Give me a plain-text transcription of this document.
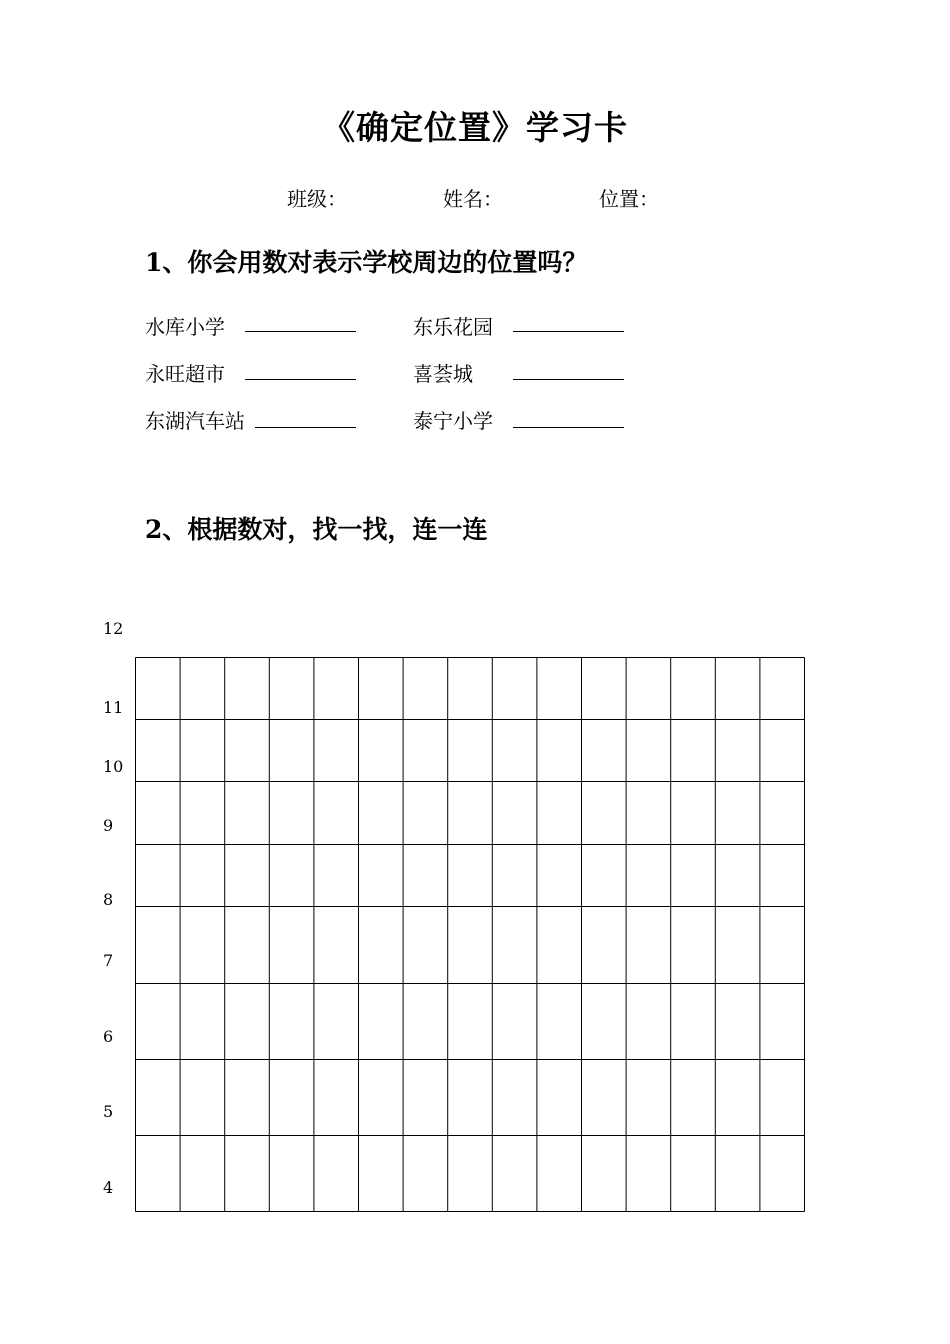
《确定位置》学习卡
班级：	姓名：	位置：
1、你会用数对表示学校周边的位置吗？
水库小学	东乐花园
永旺超市	喜荟城
东湖汽车站	泰宁小学
2、根据数对，找一找，连一连
12
11
10
9
8
7
6
5
4
